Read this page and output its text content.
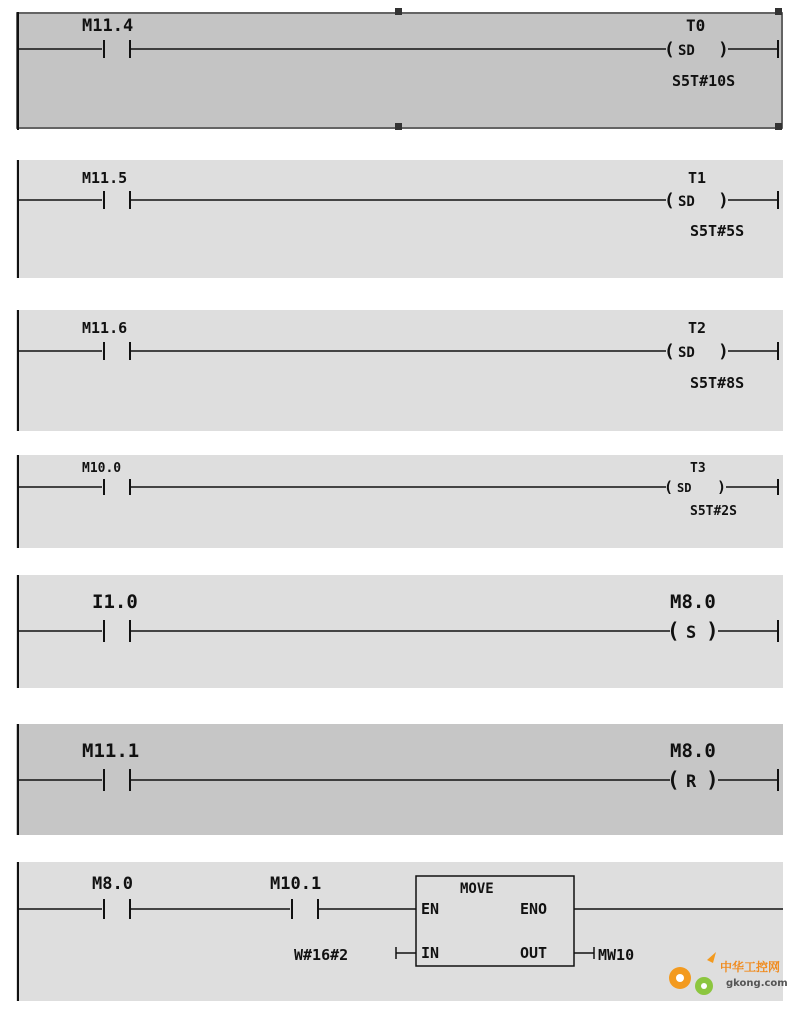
M11.4	T0
( SD )
S5T#10S
M11.5	T1
( SD )
S5T#5S
M11.6	T2
( SD )
S5T#8S
M10.0	T3
( SD )
S5T#2S
I1.0	M8.0
( S )
M11.1	M8.0
( R )
M8.0	M10.1	MOVE
EN	ENO
IN	OUT
W#16#2	MW10
中华工控网
gkong.com
